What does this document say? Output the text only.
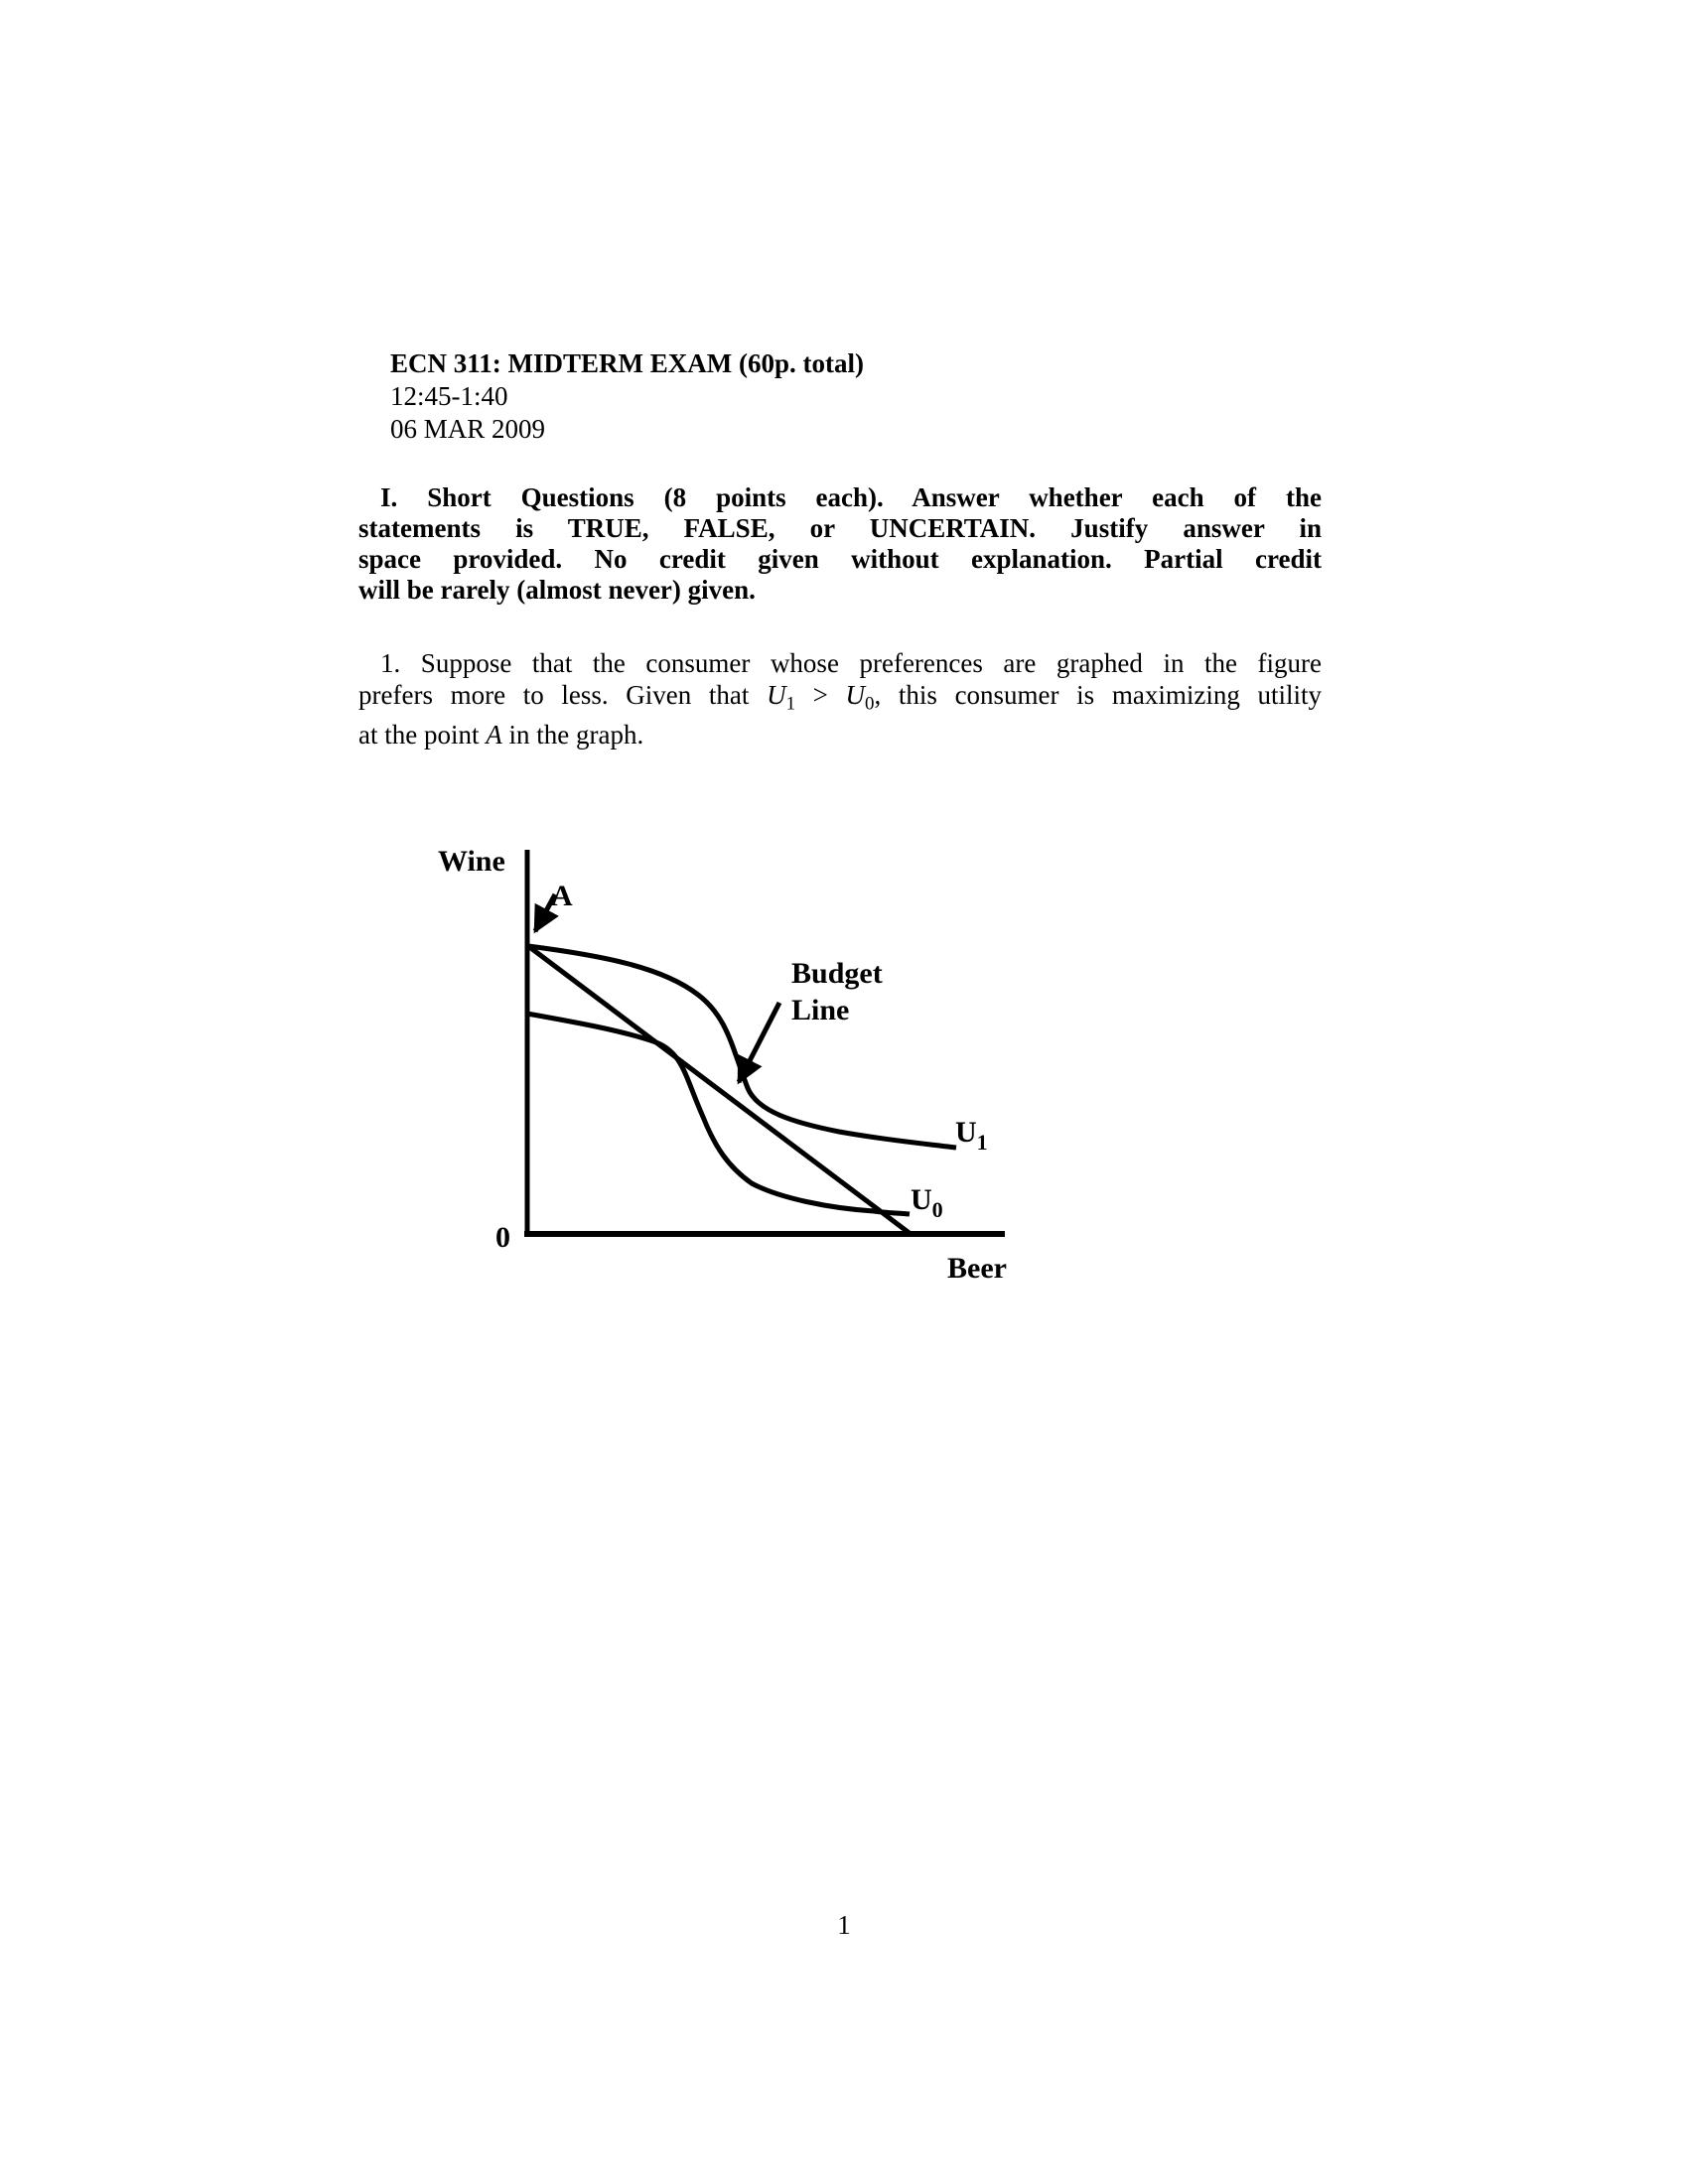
ECN 311: MIDTERM EXAM (60p. total)
12:45-1:40
06 MAR 2009
I. Short Questions (8 points each). Answer whether each of the
statements is TRUE, FALSE, or UNCERTAIN. Justify answer in
space provided. No credit given without explanation. Partial credit
will be rarely (almost never) given.
1. Suppose that the consumer whose preferences are graphed in the figure
prefers more to less. Given that $U_1 > U_0$, this consumer is maximizing utility
at the point A in the graph.
Wine
Beer
0
A
Budget
Line
$U_1$
$U_0$
1
